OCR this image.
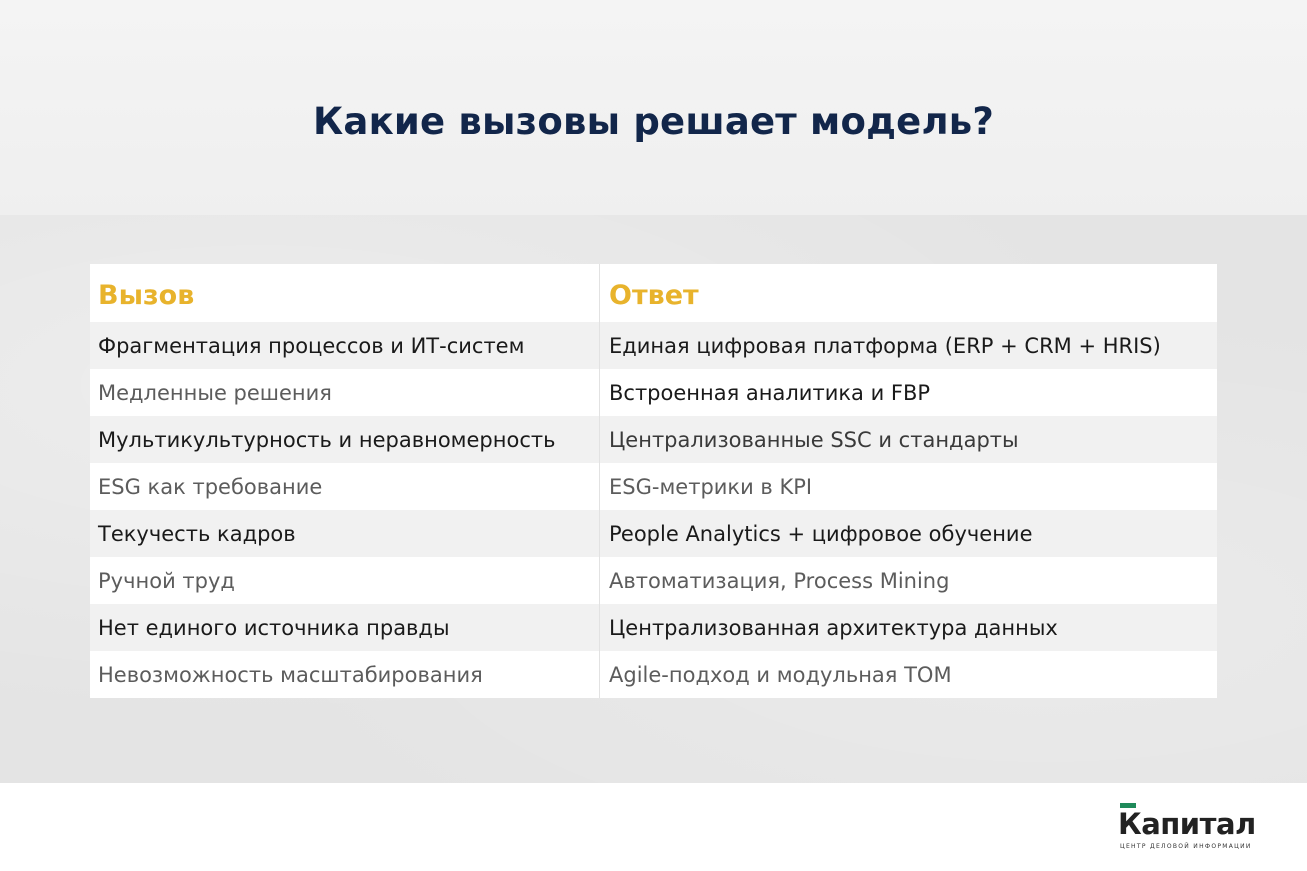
Какие вызовы решает модель?
Вызов	Ответ
Фрагментация процессов и ИТ-систем	Единая цифровая платформа (ERP + CRM + HRIS)
Медленные решения	Встроенная аналитика и FBP
Мультикультурность и неравномерность	Централизованные SSC и стандарты
ESG как требование	ESG-метрики в KPI
Текучесть кадров	People Analytics + цифровое обучение
Ручной труд	Автоматизация, Process Mining
Нет единого источника правды	Централизованная архитектура данных
Невозможность масштабирования	Agile-подход и модульная TOM
Капитал
ЦЕНТР ДЕЛОВОЙ ИНФОРМАЦИИ
